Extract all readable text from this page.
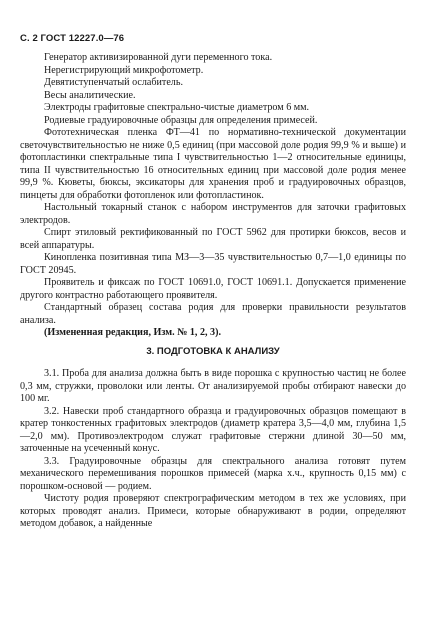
С. 2 ГОСТ 12227.0—76

Генератор активизированной дуги переменного тока.

Нерегистрирующий микрофотометр.

Девятиступенчатый ослабитель.

Весы аналитические.

Электроды графитовые спектрально-чистые диаметром 6 мм.

Родиевые градуировочные образцы для определения примесей.

Фототехническая пленка ФТ—41 по нормативно-технической документации светочувствительностью не ниже 0,5 единиц (при массовой доле родия 99,9 % и выше) и фотопластинки спектральные типа I чувствительностью 1—2 относительные единицы, типа II чувствительностью 16 относительных единиц при массовой доле родия менее 99,9 %. Кюветы, бюксы, эксикаторы для хранения проб и градуировочных образцов, пинцеты для обработки фотопленок или фотопластинок.

Настольный токарный станок с набором инструментов для заточки графитовых электродов.

Спирт этиловый ректификованный по ГОСТ 5962 для протирки бюксов, весов и всей аппаратуры.

Кинопленка позитивная типа МЗ—3—35 чувствительностью 0,7—1,0 единицы по ГОСТ 20945.

Проявитель и фиксаж по ГОСТ 10691.0, ГОСТ 10691.1. Допускается применение другого контрастно работающего проявителя.

Стандартный образец состава родия для проверки правильности результатов анализа.

(Измененная редакция, Изм. № 1, 2, 3).

3. ПОДГОТОВКА К АНАЛИЗУ

3.1. Проба для анализа должна быть в виде порошка с крупностью частиц не более 0,3 мм, стружки, проволоки или ленты. От анализируемой пробы отбирают навески до 100 мг.

3.2. Навески проб стандартного образца и градуировочных образцов помещают в кратер тонкостенных графитовых электродов (диаметр кратера 3,5—4,0 мм, глубина 1,5—2,0 мм). Противоэлектродом служат графитовые стержни длиной 30—50 мм, заточенные на усеченный конус.

3.3. Градуировочные образцы для спектрального анализа готовят путем механического перемешивания порошков примесей (марка х.ч., крупность 0,15 мм) с порошком-основой — родием.

Чистоту родия проверяют спектрографическим методом в тех же условиях, при которых проводят анализ. Примеси, которые обнаруживают в родии, определяют методом добавок, а найденные
